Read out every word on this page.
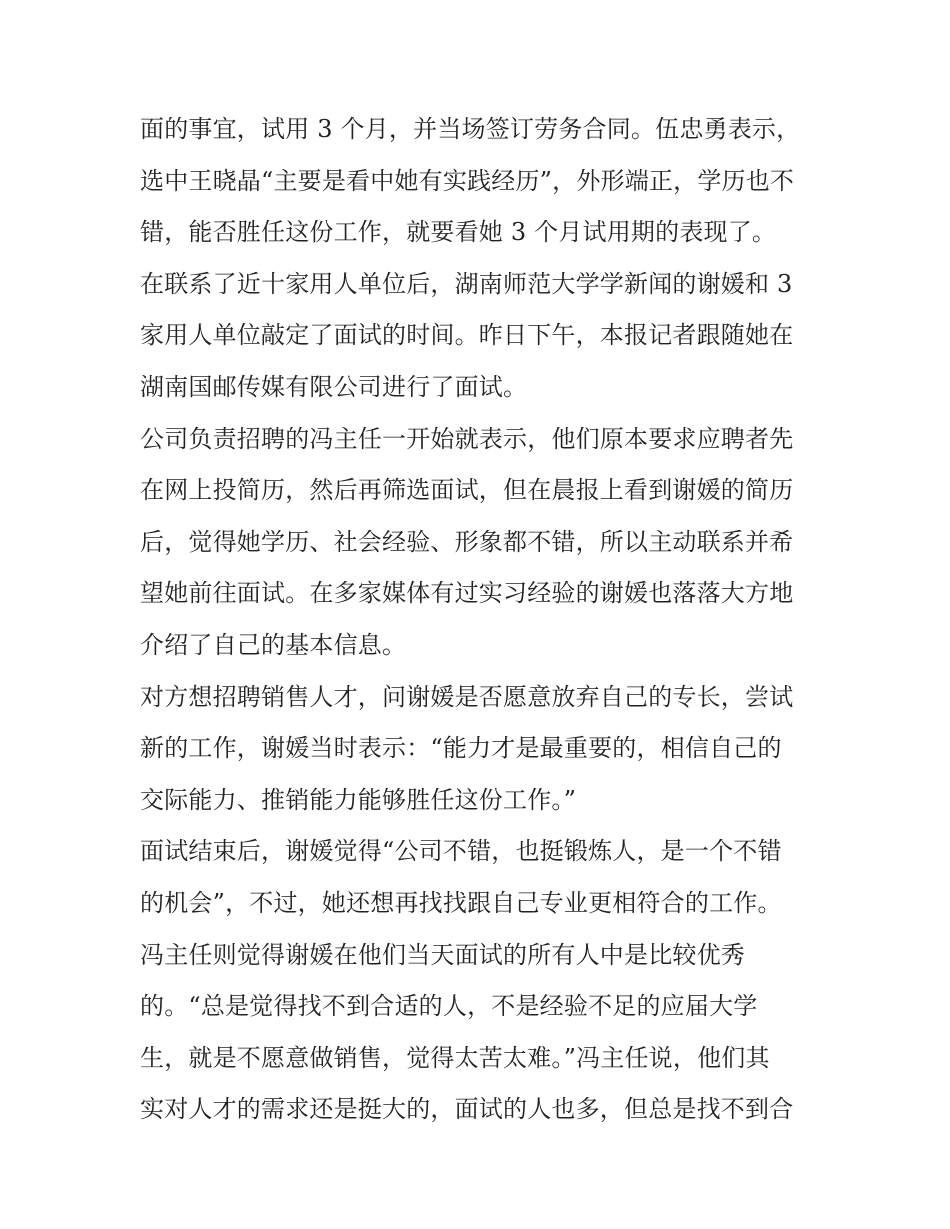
面的事宜，试用 3 个月，并当场签订劳务合同。伍忠勇表示，
选中王晓晶“主要是看中她有实践经历”，外形端正，学历也不
错，能否胜任这份工作，就要看她 3 个月试用期的表现了。
在联系了近十家用人单位后，湖南师范大学学新闻的谢媛和 3
家用人单位敲定了面试的时间。昨日下午，本报记者跟随她在
湖南国邮传媒有限公司进行了面试。
公司负责招聘的冯主任一开始就表示，他们原本要求应聘者先
在网上投简历，然后再筛选面试，但在晨报上看到谢媛的简历
后，觉得她学历、社会经验、形象都不错，所以主动联系并希
望她前往面试。在多家媒体有过实习经验的谢媛也落落大方地
介绍了自己的基本信息。
对方想招聘销售人才，问谢媛是否愿意放弃自己的专长，尝试
新的工作，谢媛当时表示：“能力才是最重要的，相信自己的
交际能力、推销能力能够胜任这份工作。”
面试结束后，谢媛觉得“公司不错，也挺锻炼人，是一个不错
的机会”，不过，她还想再找找跟自己专业更相符合的工作。
冯主任则觉得谢媛在他们当天面试的所有人中是比较优秀
的。“总是觉得找不到合适的人，不是经验不足的应届大学
生，就是不愿意做销售，觉得太苦太难。”冯主任说，他们其
实对人才的需求还是挺大的，面试的人也多，但总是找不到合
